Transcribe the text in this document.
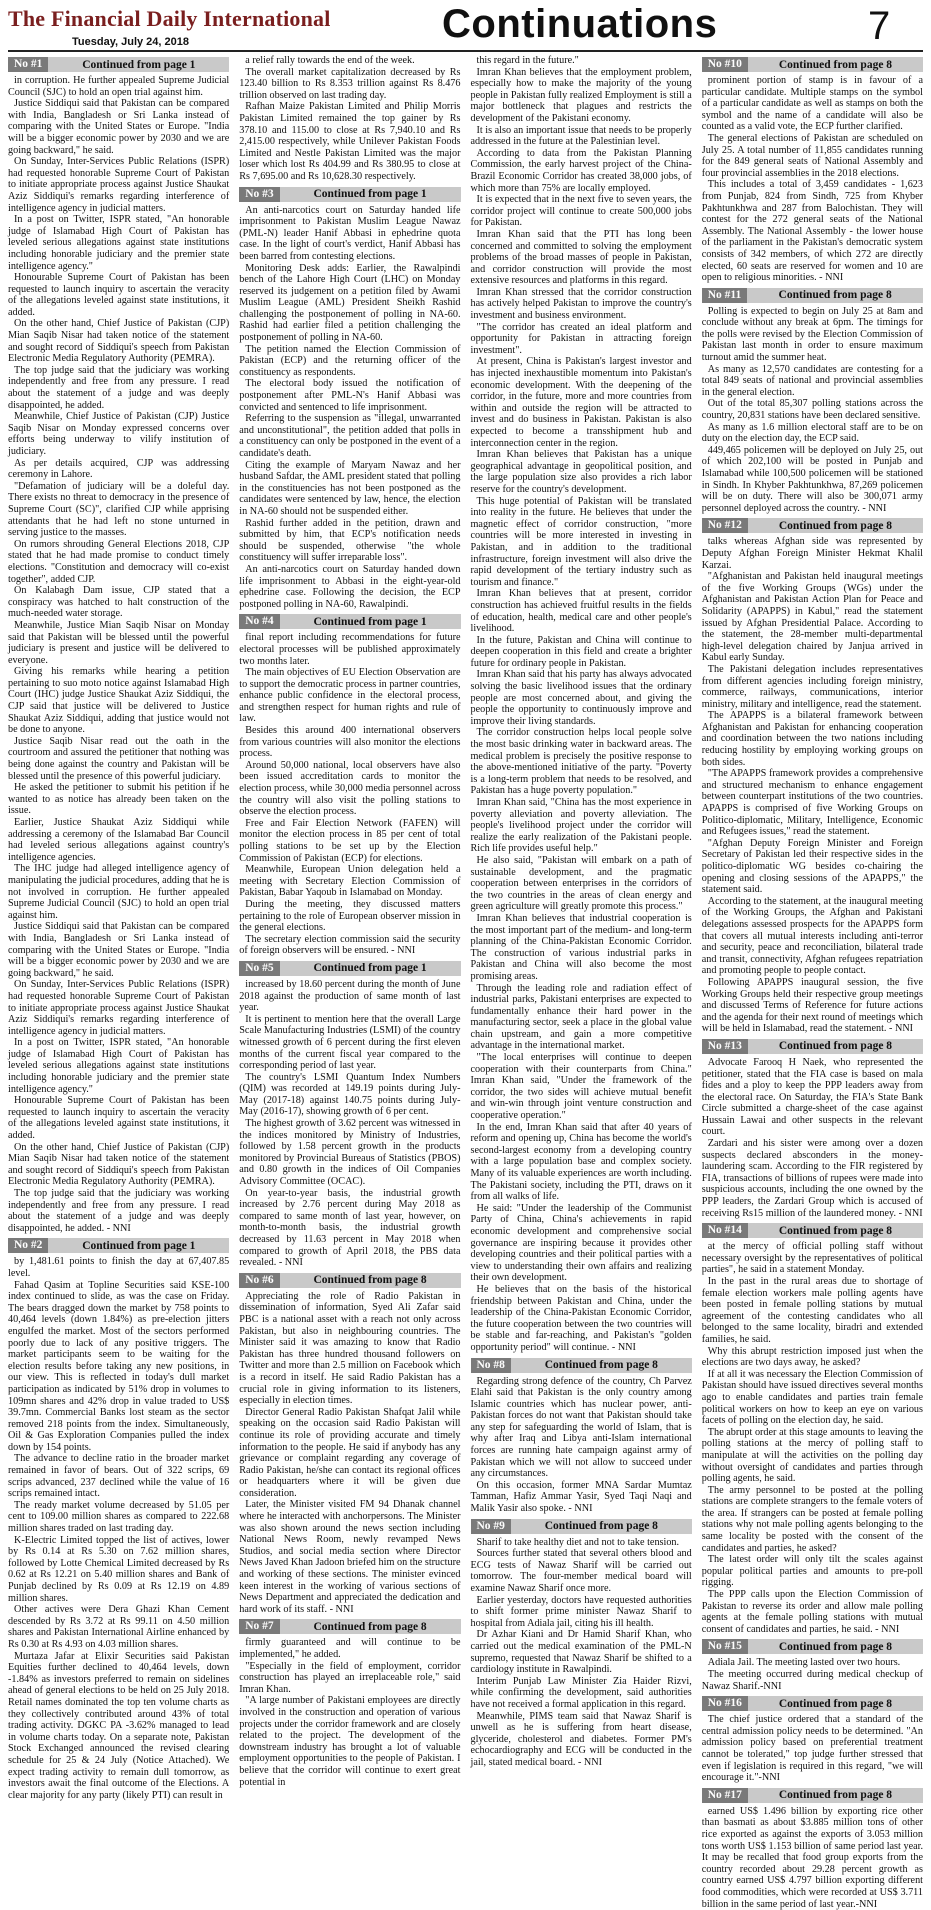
The Financial Daily International
Tuesday, July 24, 2018	Continuations	7
No #1	Continued from page 1

in corruption. He further appealed Supreme Judicial Council (SJC) to hold an open trial against him.

Justice Siddiqui said that Pakistan can be compared with India, Bangladesh or Sri Lanka instead of comparing with the United States or Europe. "India will be a bigger economic power by 2030 and we are going backward," he said.

On Sunday, Inter-Services Public Relations (ISPR) had requested honorable Supreme Court of Pakistan to initiate appropriate process against Justice Shaukat Aziz Siddiqui's remarks regarding interference of intelligence agency in judicial matters.

In a post on Twitter, ISPR stated, "An honorable judge of Islamabad High Court of Pakistan has leveled serious allegations against state institutions including honorable judiciary and the premier state intelligence agency."

Honourable Supreme Court of Pakistan has been requested to launch inquiry to ascertain the veracity of the allegations leveled against state institutions, it added.

On the other hand, Chief Justice of Pakistan (CJP) Mian Saqib Nisar had taken notice of the statement and sought record of Siddiqui's speech from Pakistan Electronic Media Regulatory Authority (PEMRA).

The top judge said that the judiciary was working independently and free from any pressure. I read about the statement of a judge and was deeply disappointed, he added.

Meanwhile, Chief Justice of Pakistan (CJP) Justice Saqib Nisar on Monday expressed concerns over efforts being underway to vilify institution of judiciary.

As per details acquired, CJP was addressing ceremony in Lahore.

"Defamation of judiciary will be a doleful day. There exists no threat to democracy in the presence of Supreme Court (SC)", clarified CJP while apprising attendants that he had left no stone unturned in serving justice to the masses.

On rumors shrouding General Elections 2018, CJP stated that he had made promise to conduct timely elections. "Constitution and democracy will co-exist together", added CJP.

On Kalabagh Dam issue, CJP stated that a conspiracy was hatched to halt construction of the much-needed water storage.

Meanwhile, Justice Mian Saqib Nisar on Monday said that Pakistan will be blessed until the powerful judiciary is present and justice will be delivered to everyone.

Giving his remarks while hearing a petition pertaining to suo moto notice against Islamabad High Court (IHC) judge Justice Shaukat Aziz Siddiqui, the CJP said that justice will be delivered to Justice Shaukat Aziz Siddiqui, adding that justice would not be done to anyone.

Justice Saqib Nisar read out the oath in the courtroom and assured the petitioner that nothing was being done against the country and Pakistan will be blessed until the presence of this powerful judiciary.

He asked the petitioner to submit his petition if he wanted to as notice has already been taken on the issue.

Earlier, Justice Shaukat Aziz Siddiqui while addressing a ceremony of the Islamabad Bar Council had leveled serious allegations against country's intelligence agencies.

The IHC judge had alleged intelligence agency of manipulating the judicial procedures, adding that he is not involved in corruption. He further appealed Supreme Judicial Council (SJC) to hold an open trial against him.

Justice Siddiqui said that Pakistan can be compared with India, Bangladesh or Sri Lanka instead of comparing with the United States or Europe. "India will be a bigger economic power by 2030 and we are going backward," he said.

On Sunday, Inter-Services Public Relations (ISPR) had requested honorable Supreme Court of Pakistan to initiate appropriate process against Justice Shaukat Aziz Siddiqui's remarks regarding interference of intelligence agency in judicial matters.

In a post on Twitter, ISPR stated, "An honorable judge of Islamabad High Court of Pakistan has leveled serious allegations against state institutions including honorable judiciary and the premier state intelligence agency."

Honourable Supreme Court of Pakistan has been requested to launch inquiry to ascertain the veracity of the allegations leveled against state institutions, it added.

On the other hand, Chief Justice of Pakistan (CJP) Mian Saqib Nisar had taken notice of the statement and sought record of Siddiqui's speech from Pakistan Electronic Media Regulatory Authority (PEMRA).

The top judge said that the judiciary was working independently and free from any pressure. I read about the statement of a judge and was deeply disappointed, he added. - NNI

No #2	Continued from page 1

by 1,481.61 points to finish the day at 67,407.85 level.

Fahad Qasim at Topline Securities said KSE-100 index continued to slide, as was the case on Friday. The bears dragged down the market by 758 points to 40,464 levels (down 1.84%) as pre-election jitters engulfed the market. Most of the sectors performed poorly due to lack of any positive triggers. The market participants seem to be waiting for the election results before taking any new positions, in our view. This is reflected in today's dull market participation as indicated by 51% drop in volumes to 109mn shares and 42% drop in value traded to US$ 39.7mn. Commercial Banks lost steam as the sector removed 218 points from the index. Simultaneously, Oil & Gas Exploration Companies pulled the index down by 154 points.

The advance to decline ratio in the broader market remained in favor of bears. Out of 322 scrips, 69 scrips advanced, 237 declined while the value of 16 scrips remained intact.

The ready market volume decreased by 51.05 per cent to 109.00 million shares as compared to 222.68 million shares traded on last trading day.

K-Electric Limited topped the list of actives, lower by Rs 0.14 at Rs 5.30 on 7.62 million shares, followed by Lotte Chemical Limited decreased by Rs 0.62 at Rs 12.21 on 5.40 million shares and Bank of Punjab declined by Rs 0.09 at Rs 12.19 on 4.89 million shares.

Other actives were Dera Ghazi Khan Cement descended by Rs 3.72 at Rs 99.11 on 4.50 million shares and Pakistan International Airline enhanced by Rs 0.30 at Rs 4.93 on 4.03 million shares.

Murtaza Jafar at Elixir Securities said Pakistan Equities further declined to 40,464 levels, down -1.84% as investors preferred to remain on sidelines ahead of general elections to be held on 25 July 2018. Retail names dominated the top ten volume charts as they collectively contributed around 43% of total trading activity. DGKC PA -3.62% managed to lead in volume charts today. On a separate note, Pakistan Stock Exchanged announced the revised clearing schedule for 25 & 24 July (Notice Attached). We expect trading activity to remain dull tomorrow, as investors await the final outcome of the Elections. A clear majority for any party (likely PTI) can result in

a relief rally towards the end of the week.

The overall market capitalization decreased by Rs 123.40 billion to Rs 8.353 trillion against Rs 8.476 trillion observed on last trading day.

Rafhan Maize Pakistan Limited and Philip Morris Pakistan Limited remained the top gainer by Rs 378.10 and 115.00 to close at Rs 7,940.10 and Rs 2,415.00 respectively, while Unilever Pakistan Foods Limited and Nestle Pakistan Limited was the major loser which lost Rs 404.99 and Rs 380.95 to close at Rs 7,695.00 and Rs 10,628.30 respectively.

No #3	Continued from page 1

An anti-narcotics court on Saturday handed life imprisonment to Pakistan Muslim League Nawaz (PML-N) leader Hanif Abbasi in ephedrine quota case. In the light of court's verdict, Hanif Abbasi has been barred from contesting elections.

Monitoring Desk adds: Earlier, the Rawalpindi bench of the Lahore High Court (LHC) on Monday reserved its judgement on a petition filed by Awami Muslim League (AML) President Sheikh Rashid challenging the postponement of polling in NA-60. Rashid had earlier filed a petition challenging the postponement of polling in NA-60.

The petition named the Election Commission of Pakistan (ECP) and the returning officer of the constituency as respondents.

The electoral body issued the notification of postponement after PML-N's Hanif Abbasi was convicted and sentenced to life imprisonment.

Referring to the suspension as "illegal, unwarranted and unconstitutional", the petition added that polls in a constituency can only be postponed in the event of a candidate's death.

Citing the example of Maryam Nawaz and her husband Safdar, the AML president stated that polling in the constituencies has not been postponed as the candidates were sentenced by law, hence, the election in NA-60 should not be suspended either.

Rashid further added in the petition, drawn and submitted by him, that ECP's notification needs should be suspended, otherwise "the whole constituency will suffer irreparable loss".

An anti-narcotics court on Saturday handed down life imprisonment to Abbasi in the eight-year-old ephedrine case. Following the decision, the ECP postponed polling in NA-60, Rawalpindi.

No #4	Continued from page 1

final report including recommendations for future electoral processes will be published approximately two months later.

The main objectives of EU Election Observation are to support the democratic process in partner countries, enhance public confidence in the electoral process, and strengthen respect for human rights and rule of law.

Besides this around 400 international observers from various countries will also monitor the elections process.

Around 50,000 national, local observers have also been issued accreditation cards to monitor the election process, while 30,000 media personnel across the country will also visit the polling stations to observe the election process.

Free and Fair Election Network (FAFEN) will monitor the election process in 85 per cent of total polling stations to be set up by the Election Commission of Pakistan (ECP) for elections.

Meanwhile, European Union delegation held a meeting with Secretary Election Commission of Pakistan, Babar Yaqoub in Islamabad on Monday.

During the meeting, they discussed matters pertaining to the role of European observer mission in the general elections.

The secretary election commission said the security of foreign observers will be ensured. - NNI

No #5	Continued from page 1

increased by 18.60 percent during the month of June 2018 against the production of same month of last year.

It is pertinent to mention here that the overall Large Scale Manufacturing Industries (LSMI) of the country witnessed growth of 6 percent during the first eleven months of the current fiscal year compared to the corresponding period of last year.

The country's LSMI Quantum Index Numbers (QIM) was recorded at 149.19 points during July-May (2017-18) against 140.75 points during July-May (2016-17), showing growth of 6 per cent.

The highest growth of 3.62 percent was witnessed in the indices monitored by Ministry of Industries, followed by 1.58 percent growth in the products monitored by Provincial Bureaus of Statistics (PBOS) and 0.80 growth in the indices of Oil Companies Advisory Committee (OCAC).

On year-to-year basis, the industrial growth increased by 2.76 percent during May 2018 as compared to same month of last year, however, on month-to-month basis, the industrial growth decreased by 11.63 percent in May 2018 when compared to growth of April 2018, the PBS data revealed. - NNI

No #6	Continued from page 8

Appreciating the role of Radio Pakistan in dissemination of information, Syed Ali Zafar said PBC is a national asset with a reach not only across Pakistan, but also in neighbouring countries. The Minister said it was amazing to know that Radio Pakistan has three hundred thousand followers on Twitter and more than 2.5 million on Facebook which is a record in itself. He said Radio Pakistan has a crucial role in giving information to its listeners, especially in election times.

Director General Radio Pakistan Shafqat Jalil while speaking on the occasion said Radio Pakistan will continue its role of providing accurate and timely information to the people. He said if anybody has any grievance or complaint regarding any coverage of Radio Pakistan, he/she can contact its regional offices or headquarters where it will be given due consideration.

Later, the Minister visited FM 94 Dhanak channel where he interacted with anchorpersons. The Minister was also shown around the news section including National News Room, newly revamped News Studios, and social media section where Director News Javed Khan Jadoon briefed him on the structure and working of these sections. The minister evinced keen interest in the working of various sections of News Department and appreciated the dedication and hard work of its staff. - NNI

No #7	Continued from page 8

firmly guaranteed and will continue to be implemented," he added.

"Especially in the field of employment, corridor construction has played an irreplaceable role," said Imran Khan.

"A large number of Pakistani employees are directly involved in the construction and operation of various projects under the corridor framework and are closely related to the project. The development of the downstream industry has brought a lot of valuable employment opportunities to the people of Pakistan. I believe that the corridor will continue to exert great potential in

this regard in the future."

Imran Khan believes that the employment problem, especially how to make the majority of the young people in Pakistan fully realized Employment is still a major bottleneck that plagues and restricts the development of the Pakistani economy.

It is also an important issue that needs to be properly addressed in the future at the Palestinian level.

According to data from the Pakistan Planning Commission, the early harvest project of the China-Brazil Economic Corridor has created 38,000 jobs, of which more than 75% are locally employed.

It is expected that in the next five to seven years, the corridor project will continue to create 500,000 jobs for Pakistan.

Imran Khan said that the PTI has long been concerned and committed to solving the employment problems of the broad masses of people in Pakistan, and corridor construction will provide the most extensive resources and platforms in this regard.

Imran Khan stressed that the corridor construction has actively helped Pakistan to improve the country's investment and business environment.

"The corridor has created an ideal platform and opportunity for Pakistan in attracting foreign investment".

At present, China is Pakistan's largest investor and has injected inexhaustible momentum into Pakistan's economic development. With the deepening of the corridor, in the future, more and more countries from within and outside the region will be attracted to invest and do business in Pakistan. Pakistan is also expected to become a transshipment hub and interconnection center in the region.

Imran Khan believes that Pakistan has a unique geographical advantage in geopolitical position, and the large population size also provides a rich labor reserve for the country's development.

This huge potential of Pakistan will be translated into reality in the future. He believes that under the magnetic effect of corridor construction, "more countries will be more interested in investing in Pakistan, and in addition to the traditional infrastructure, foreign investment will also drive the rapid development of the tertiary industry such as tourism and finance."

Imran Khan believes that at present, corridor construction has achieved fruitful results in the fields of education, health, medical care and other people's livelihood.

In the future, Pakistan and China will continue to deepen cooperation in this field and create a brighter future for ordinary people in Pakistan.

Imran Khan said that his party has always advocated solving the basic livelihood issues that the ordinary people are most concerned about, and giving the people the opportunity to continuously improve and improve their living standards.

The corridor construction helps local people solve the most basic drinking water in backward areas. The medical problem is precisely the positive response to the above-mentioned initiative of the party. "Poverty is a long-term problem that needs to be resolved, and Pakistan has a huge poverty population."

Imran Khan said, "China has the most experience in poverty alleviation and poverty alleviation. The people's livelihood project under the corridor will realize the early realization of the Pakistani people. Rich life provides useful help."

He also said, "Pakistan will embark on a path of sustainable development, and the pragmatic cooperation between enterprises in the corridors of the two countries in the areas of clean energy and green agriculture will greatly promote this process."

Imran Khan believes that industrial cooperation is the most important part of the medium- and long-term planning of the China-Pakistan Economic Corridor. The construction of various industrial parks in Pakistan and China will also become the most promising areas.

Through the leading role and radiation effect of industrial parks, Pakistani enterprises are expected to fundamentally enhance their hard power in the manufacturing sector, seek a place in the global value chain upstream, and gain a more competitive advantage in the international market.

"The local enterprises will continue to deepen cooperation with their counterparts from China." Imran Khan said, "Under the framework of the corridor, the two sides will achieve mutual benefit and win-win through joint venture construction and cooperative operation."

In the end, Imran Khan said that after 40 years of reform and opening up, China has become the world's second-largest economy from a developing country with a large population base and complex society. Many of its valuable experiences are worth including. The Pakistani society, including the PTI, draws on it from all walks of life.

He said: "Under the leadership of the Communist Party of China, China's achievements in rapid economic development and comprehensive social governance are inspiring because it provides other developing countries and their political parties with a view to understanding their own affairs and realizing their own development.

He believes that on the basis of the historical friendship between Pakistan and China, under the leadership of the China-Pakistan Economic Corridor, the future cooperation between the two countries will be stable and far-reaching, and Pakistan's "golden opportunity period" will continue. - NNI

No #8	Continued from page 8

Regarding strong defence of the country, Ch Parvez Elahi said that Pakistan is the only country among Islamic countries which has nuclear power, anti-Pakistan forces do not want that Pakistan should take any step for safeguarding the world of Islam, that is why after Iraq and Libya anti-Islam international forces are running hate campaign against army of Pakistan which we will not allow to succeed under any circumstances.

On this occasion, former MNA Sardar Mumtaz Tamman, Hafiz Ammar Yasir, Syed Taqi Naqi and Malik Yasir also spoke. - NNI

No #9	Continued from page 8

Sharif to take healthy diet and not to take tension.

Sources further stated that several others blood and ECG tests of Nawaz Sharif will be carried out tomorrow. The four-member medical board will examine Nawaz Sharif once more.

Earlier yesterday, doctors have requested authorities to shift former prime minister Nawaz Sharif to hospital from Adiala jail, citing his ill health.

Dr Azhar Kiani and Dr Hamid Sharif Khan, who carried out the medical examination of the PML-N supremo, requested that Nawaz Sharif be shifted to a cardiology institute in Rawalpindi.

Interim Punjab Law Minister Zia Haider Rizvi, while confirming the development, said authorities have not received a formal application in this regard.

Meanwhile, PIMS team said that Nawaz Sharif is unwell as he is suffering from heart disease, glyceride, cholesterol and diabetes. Former PM's echocardiography and ECG will be conducted in the jail, stated medical board. - NNI

No #10	Continued from page 8

prominent portion of stamp is in favour of a particular candidate. Multiple stamps on the symbol of a particular candidate as well as stamps on both the symbol and the name of a candidate will also be counted as a valid vote, the ECP further clarified.

The general elections of Pakistan are scheduled on July 25. A total number of 11,855 candidates running for the 849 general seats of National Assembly and four provincial assemblies in the 2018 elections.

This includes a total of 3,459 candidates - 1,623 from Punjab, 824 from Sindh, 725 from Khyber Pakhtunkhwa and 287 from Balochistan. They will contest for the 272 general seats of the National Assembly. The National Assembly - the lower house of the parliament in the Pakistan's democratic system consists of 342 members, of which 272 are directly elected, 60 seats are reserved for women and 10 are open to religious minorities. - NNI

No #11	Continued from page 8

Polling is expected to begin on July 25 at 8am and conclude without any break at 6pm. The timings for the polls were revised by the Election Commission of Pakistan last month in order to ensure maximum turnout amid the summer heat.

As many as 12,570 candidates are contesting for a total 849 seats of national and provincial assemblies in the general election.

Out of the total 85,307 polling stations across the country, 20,831 stations have been declared sensitive.

As many as 1.6 million electoral staff are to be on duty on the election day, the ECP said.

449,465 policemen will be deployed on July 25, out of which 202,100 will be posted in Punjab and Islamabad while 100,500 policemen will be stationed in Sindh. In Khyber Pakhtunkhwa, 87,269 policemen will be on duty. There will also be 300,071 army personnel deployed across the country. - NNI

No #12	Continued from page 8

talks whereas Afghan side was represented by Deputy Afghan Foreign Minister Hekmat Khalil Karzai.

"Afghanistan and Pakistan held inaugural meetings of the five Working Groups (WGs) under the Afghanistan and Pakistan Action Plan for Peace and Solidarity (APAPPS) in Kabul," read the statement issued by Afghan Presidential Palace. According to the statement, the 28-member multi-departmental high-level delegation chaired by Janjua arrived in Kabul early Sunday.

The Pakistani delegation includes representatives from different agencies including foreign ministry, commerce, railways, communications, interior ministry, military and intelligence, read the statement.

The APAPPS is a bilateral framework between Afghanistan and Pakistan for enhancing cooperation and coordination between the two nations including reducing hostility by employing working groups on both sides.

"The APAPPS framework provides a comprehensive and structured mechanism to enhance engagement between counterpart institutions of the two countries. APAPPS is comprised of five Working Groups on Politico-diplomatic, Military, Intelligence, Economic and Refugees issues," read the statement.

"Afghan Deputy Foreign Minister and Foreign Secretary of Pakistan led their respective sides in the politico-diplomatic WG besides co-chairing the opening and closing sessions of the APAPPS," the statement said.

According to the statement, at the inaugural meeting of the Working Groups, the Afghan and Pakistani delegations assessed prospects for the APAPPS form that covers all mutual interests including anti-terror and security, peace and reconciliation, bilateral trade and transit, connectivity, Afghan refugees repatriation and promoting people to people contact.

Following APAPPS inaugural session, the five Working Groups held their respective group meetings and discussed Terms of Reference for future actions and the agenda for their next round of meetings which will be held in Islamabad, read the statement. - NNI

No #13	Continued from page 8

Advocate Farooq H Naek, who represented the petitioner, stated that the FIA case is based on mala fides and a ploy to keep the PPP leaders away from the electoral race. On Saturday, the FIA's State Bank Circle submitted a charge-sheet of the case against Hussain Lawai and other suspects in the relevant court.

Zardari and his sister were among over a dozen suspects declared absconders in the money-laundering scam. According to the FIR registered by FIA, transactions of billions of rupees were made into suspicious accounts, including the one owned by the PPP leaders, the Zardari Group which is accused of receiving Rs15 million of the laundered money. - NNI

No #14	Continued from page 8

at the mercy of official polling staff without necessary oversight by the representatives of political parties", he said in a statement Monday.

In the past in the rural areas due to shortage of female election workers male polling agents have been posted in female polling stations by mutual agreement of the contesting candidates who all belonged to the same locality, biradri and extended families, he said.

Why this abrupt restriction imposed just when the elections are two days away, he asked?

If at all it was necessary the Election Commission of Pakistan should have issued directives several months ago to enable candidates and parties train female political workers on how to keep an eye on various facets of polling on the election day, he said.

The abrupt order at this stage amounts to leaving the polling stations at the mercy of polling staff to manipulate at will the activities on the polling day without oversight of candidates and parties through polling agents, he said.

The army personnel to be posted at the polling stations are complete strangers to the female voters of the area. If strangers can be posted at female polling stations why not male polling agents belonging to the same locality be posted with the consent of the candidates and parties, he asked?

The latest order will only tilt the scales against popular political parties and amounts to pre-poll rigging.

The PPP calls upon the Election Commission of Pakistan to reverse its order and allow male polling agents at the female polling stations with mutual consent of candidates and parties, he said. - NNI

No #15	Continued from page 8

Adiala Jail. The meeting lasted over two hours.

The meeting occurred during medical checkup of Nawaz Sharif.-NNI

No #16	Continued from page 8

The chief justice ordered that a standard of the central admission policy needs to be determined. "An admission policy based on preferential treatment cannot be tolerated," top judge further stressed that even if legislation is required in this regard, "we will encourage it."-NNI

No #17	Continued from page 8

earned US$ 1.496 billion by exporting rice other than basmati as about $3.885 million tons of other rice exported as against the exports of 3.053 million tons worth US$ 1.153 billion of same period last year. It may be recalled that food group exports from the country recorded about 29.28 percent growth as country earned US$ 4.797 billion exporting different food commodities, which were recorded at US$ 3.711 billion in the same period of last year.-NNI
